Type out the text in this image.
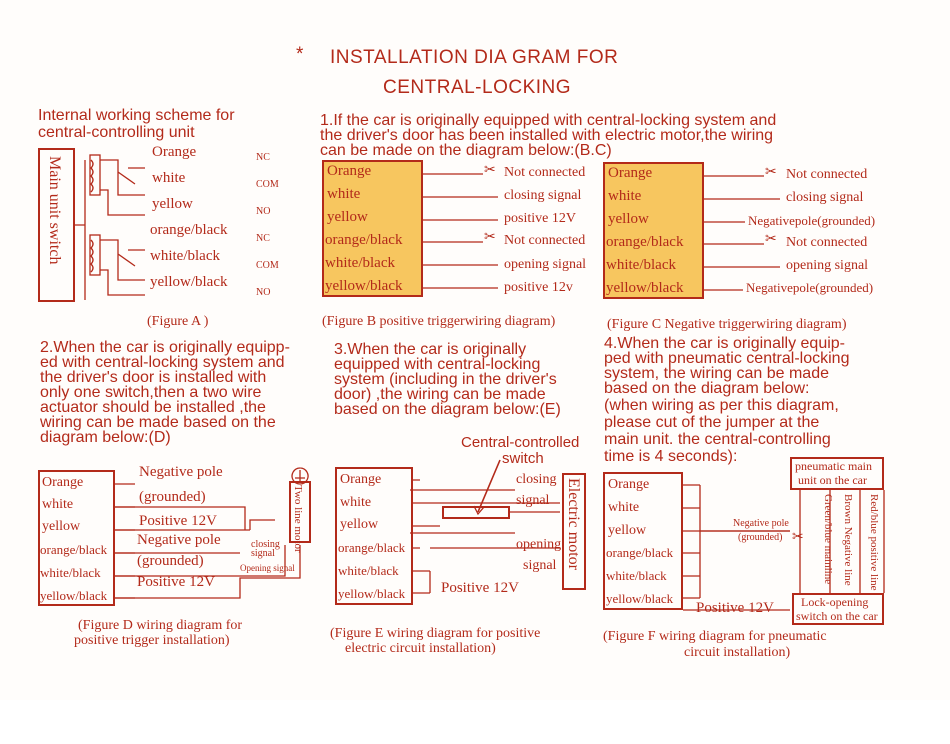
* INSTALLATION DIA GRAM FOR
CENTRAL-LOCKING
Internal working scheme for
central-controlling unit
Main unit switch
Orange
white
yellow
orange/black
white/black
yellow/black
NC
COM
NO
NC
COM
NO
(Figure A )
1.If the car is originally equipped with central-locking system and
the driver's door has been installed with electric motor,the wiring
can be made on the diagram below:(B.C)
Orange
white
yellow
orange/black
white/black
yellow/black
✂ Not connected
closing signal
positive 12V
✂ Not connected
opening signal
positive 12v
(Figure B positive triggerwiring diagram)
Orange
white
yellow
orange/black
white/black
yellow/black
✂ Not connected
closing signal
Negativepole(grounded)
✂ Not connected
opening signal
Negativepole(grounded)
(Figure C Negative triggerwiring diagram)
2.When the car is originally equipp-
ed with central-locking system and
the driver's door is installed with
only one switch,then a two wire
actuator should be installed ,the
wiring can be made based on the
diagram below:(D)
Orange
white
yellow
orange/black
white/black
yellow/black
Negative pole
(grounded)
Positive 12V
Negative pole
(grounded)
Positive 12V
Two line motor
closing signal
Opening signal
(Figure D wiring diagram for
positive trigger installation)
3.When the car is originally
equipped with central-locking
system (including in the driver's
door) ,the wiring can be made
based on the diagram below:(E)
Central-controlled
switch
Orange
white
yellow
orange/black
white/black
yellow/black
closing
signal
opening
signal Electric motor
Positive 12V
(Figure E wiring diagram for positive
electric circuit installation)
4.When the car is originally equip-
ped with pneumatic central-locking
system, the wiring can be made
based on the diagram below:
(when wiring as per this diagram,
please cut of the jumper at the
main unit. the central-controlling
time is 4 seconds):
Orange
white
yellow
orange/black
white/black
yellow/black
Negative pole
(grounded) ✂
pneumatic main
unit on the car
Green/blue mainline Brown Negative line Red/blue positive line
Lock-opening
switch on the car
Positive 12V
(Figure F wiring diagram for pneumatic
circuit installation)
